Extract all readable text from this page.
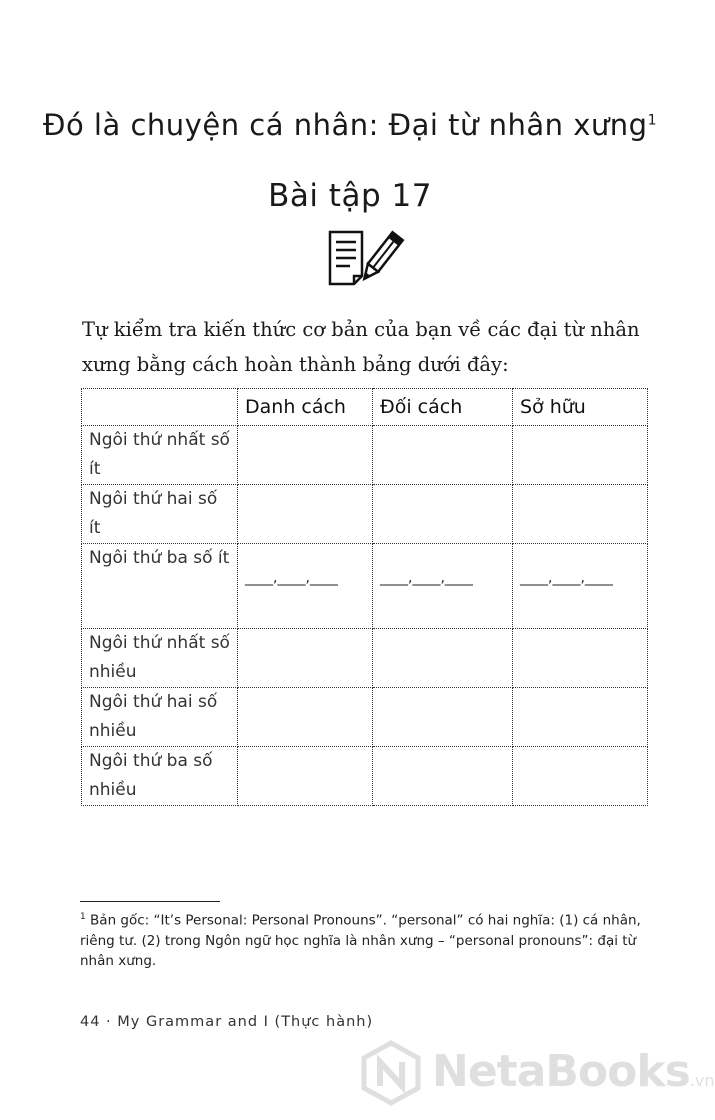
Đó là chuyện cá nhân: Đại từ nhân xưng$^1$
Bài tập 17
Tự kiểm tra kiến thức cơ bản của bạn về các đại từ nhân xưng bằng cách hoàn thành bảng dưới đây:
	Danh cách	Đối cách	Sở hữu
Ngôi thứ nhất số ít			
Ngôi thứ hai số ít			
Ngôi thứ ba số ít	____,____,____	____,____,____	____,____,____
Ngôi thứ nhất số nhiều			
Ngôi thứ hai số nhiều			
Ngôi thứ ba số nhiều			
$^1$ Bản gốc: “It’s Personal: Personal Pronouns”. “personal” có hai nghĩa: (1) cá nhân, riêng tư. (2) trong Ngôn ngữ học nghĩa là nhân xưng – “personal pronouns”: đại từ nhân xưng.
44 · My Grammar and I (Thực hành)
NetaBooks.vn
